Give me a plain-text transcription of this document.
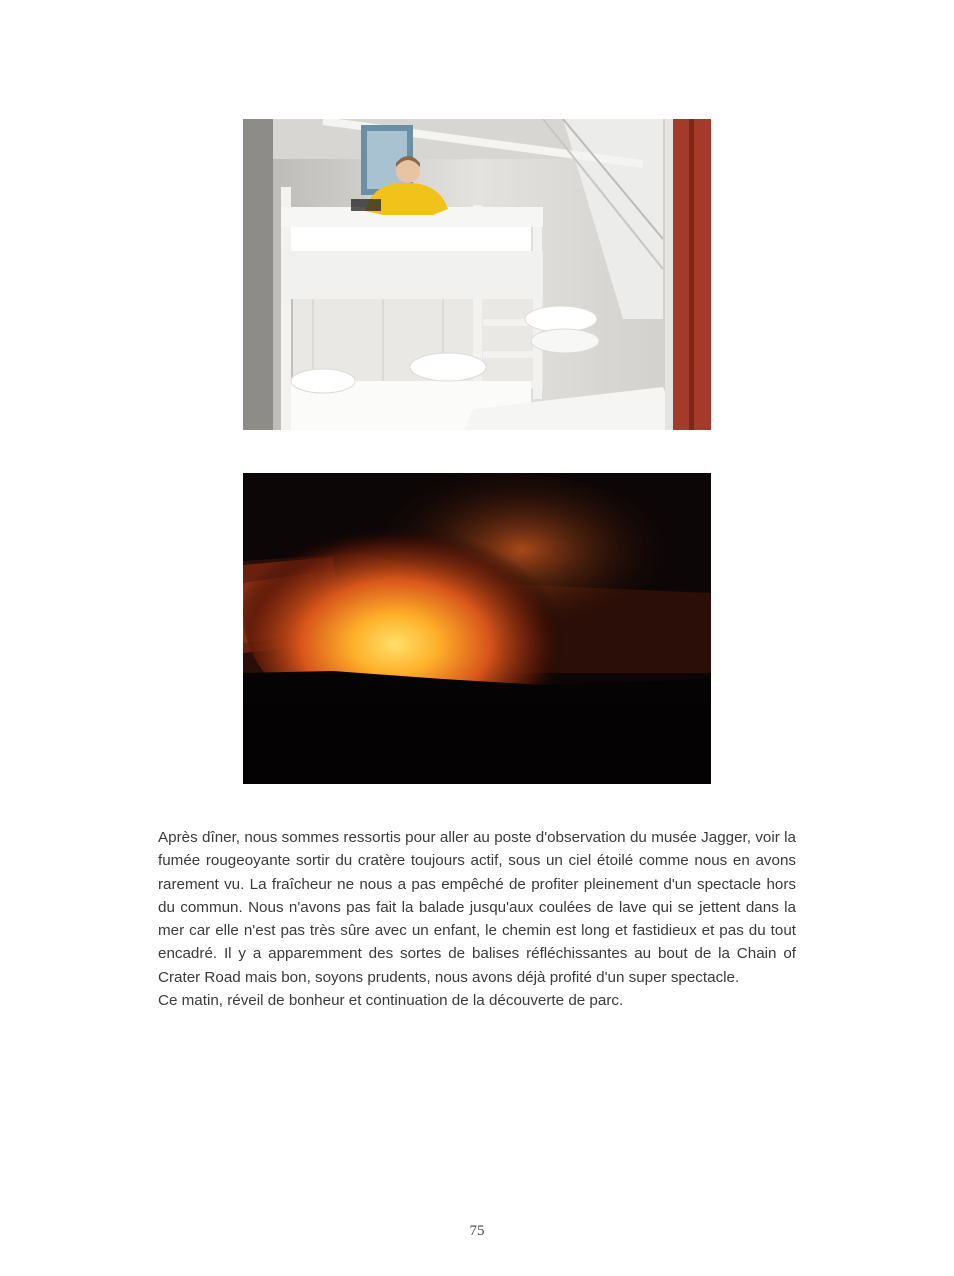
Après dîner, nous sommes ressortis pour aller au poste d'observation du musée Jagger, voir la fumée rougeoyante sortir du cratère toujours actif, sous un ciel étoilé comme nous en avons rarement vu. La fraîcheur ne nous a pas empêché de profiter pleinement d'un spectacle hors du commun. Nous n'avons pas fait la balade jusqu'aux coulées de lave qui se jettent dans la mer car elle n'est pas très sûre avec un enfant, le chemin est long et fastidieux et pas du tout encadré. Il y a apparemment des sortes de balises réfléchissantes au bout de la Chain of Crater Road mais bon, soyons prudents, nous avons déjà profité d'un super spectacle.

Ce matin, réveil de bonheur et continuation de la découverte de parc.

75
